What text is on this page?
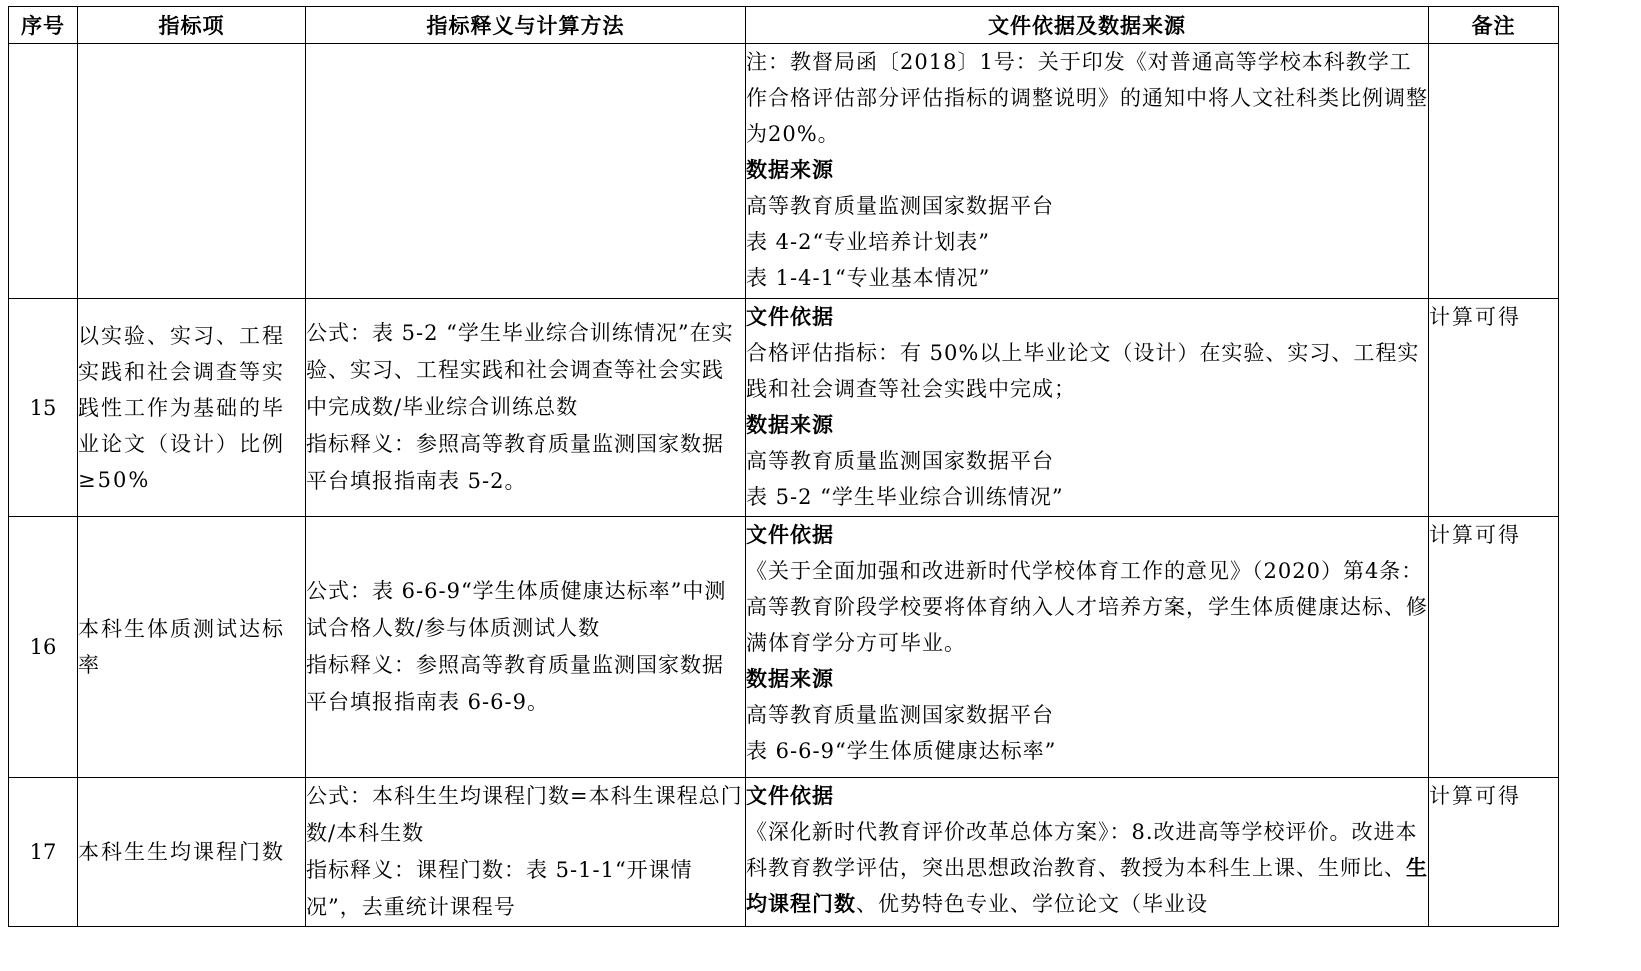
序号	指标项	指标释义与计算方法	文件依据及数据来源	备注

			注：教督局函〔2018〕1号：关于印发《对普通高等学校本科教学工作合格评估部分评估指标的调整说明》的通知中将人文社科类比例调整为20%。
数据来源
高等教育质量监测国家数据平台
表 4-2“专业培养计划表”
表 1-4-1“专业基本情况”	

15	以实验、实习、工程实践和社会调查等实践性工作为基础的毕业论文（设计）比例≥50%	公式：表 5-2 “学生毕业综合训练情况”在实验、实习、工程实践和社会调查等社会实践中完成数/毕业综合训练总数
指标释义：参照高等教育质量监测国家数据平台填报指南表 5-2。	文件依据
合格评估指标：有 50%以上毕业论文（设计）在实验、实习、工程实践和社会调查等社会实践中完成；
数据来源
高等教育质量监测国家数据平台
表 5-2 “学生毕业综合训练情况”	计算可得
16	本科生体质测试达标率	公式：表 6-6-9“学生体质健康达标率”中测试合格人数/参与体质测试人数
指标释义：参照高等教育质量监测国家数据平台填报指南表 6-6-9。	文件依据
《关于全面加强和改进新时代学校体育工作的意见》（2020）第4条：高等教育阶段学校要将体育纳入人才培养方案，学生体质健康达标、修满体育学分方可毕业。
数据来源
高等教育质量监测国家数据平台
表 6-6-9“学生体质健康达标率”	计算可得
17	本科生生均课程门数	公式：本科生生均课程门数=本科生课程总门数/本科生数
指标释义：课程门数：表 5-1-1“开课情况”，去重统计课程号	文件依据
《深化新时代教育评价改革总体方案》：8.改进高等学校评价。改进本科教育教学评估，突出思想政治教育、教授为本科生上课、生师比、生均课程门数、优势特色专业、学位论文（毕业设	计算可得
